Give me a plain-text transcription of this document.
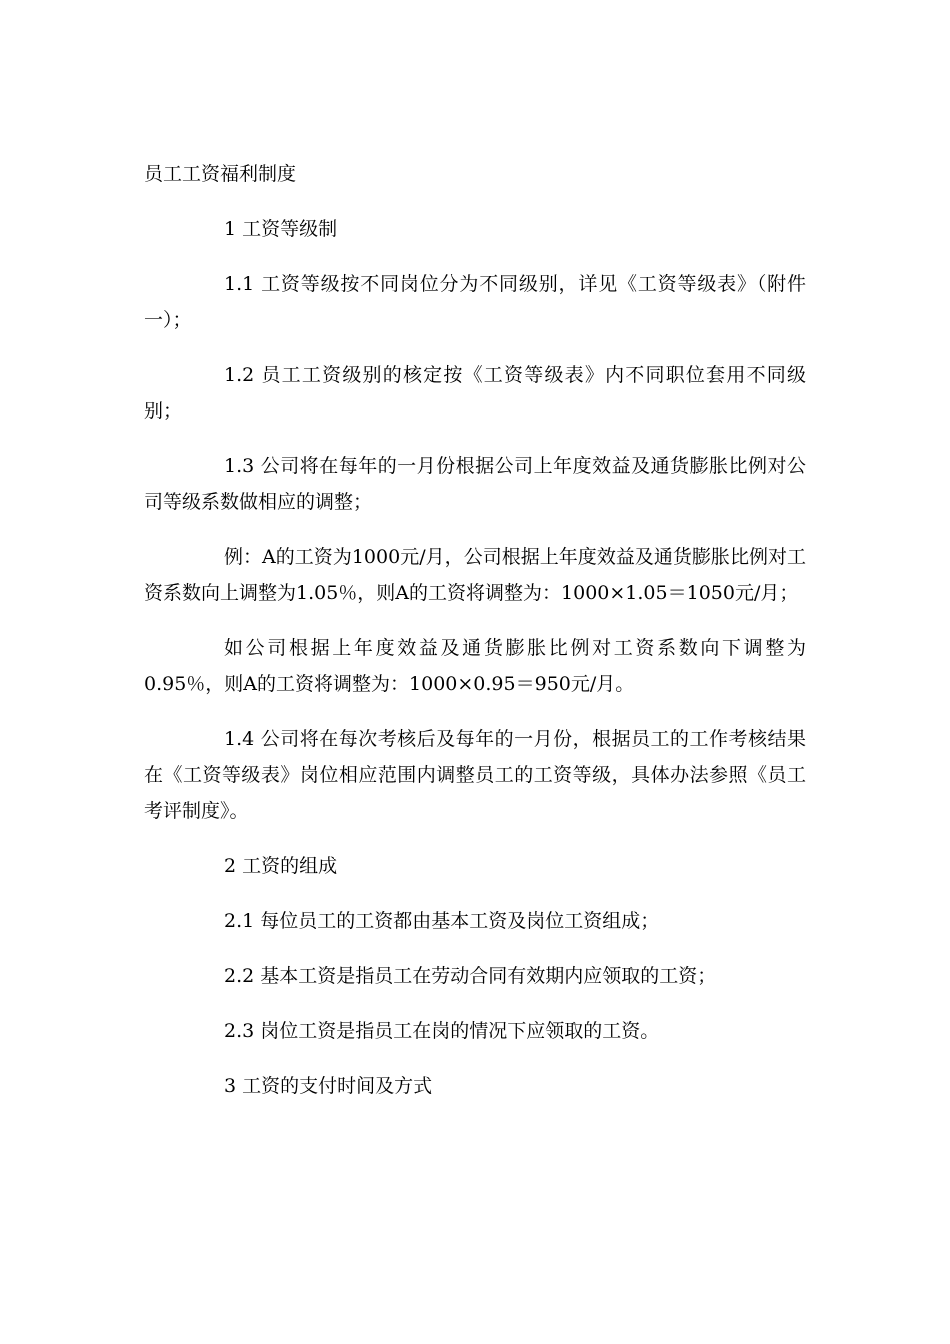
员工工资福利制度

1 工资等级制

1.1 工资等级按不同岗位分为不同级别，详见《工资等级表》（附件一）；

1.2 员工工资级别的核定按《工资等级表》内不同职位套用不同级别；

1.3 公司将在每年的一月份根据公司上年度效益及通货膨胀比例对公司等级系数做相应的调整；

例：A的工资为1000元/月，公司根据上年度效益及通货膨胀比例对工资系数向上调整为1.05％，则A的工资将调整为：1000×1.05＝1050元/月；

如公司根据上年度效益及通货膨胀比例对工资系数向下调整为0.95％，则A的工资将调整为：1000×0.95＝950元/月。

1.4 公司将在每次考核后及每年的一月份，根据员工的工作考核结果在《工资等级表》岗位相应范围内调整员工的工资等级，具体办法参照《员工考评制度》。

2 工资的组成

2.1 每位员工的工资都由基本工资及岗位工资组成；

2.2 基本工资是指员工在劳动合同有效期内应领取的工资；

2.3 岗位工资是指员工在岗的情况下应领取的工资。

3 工资的支付时间及方式
